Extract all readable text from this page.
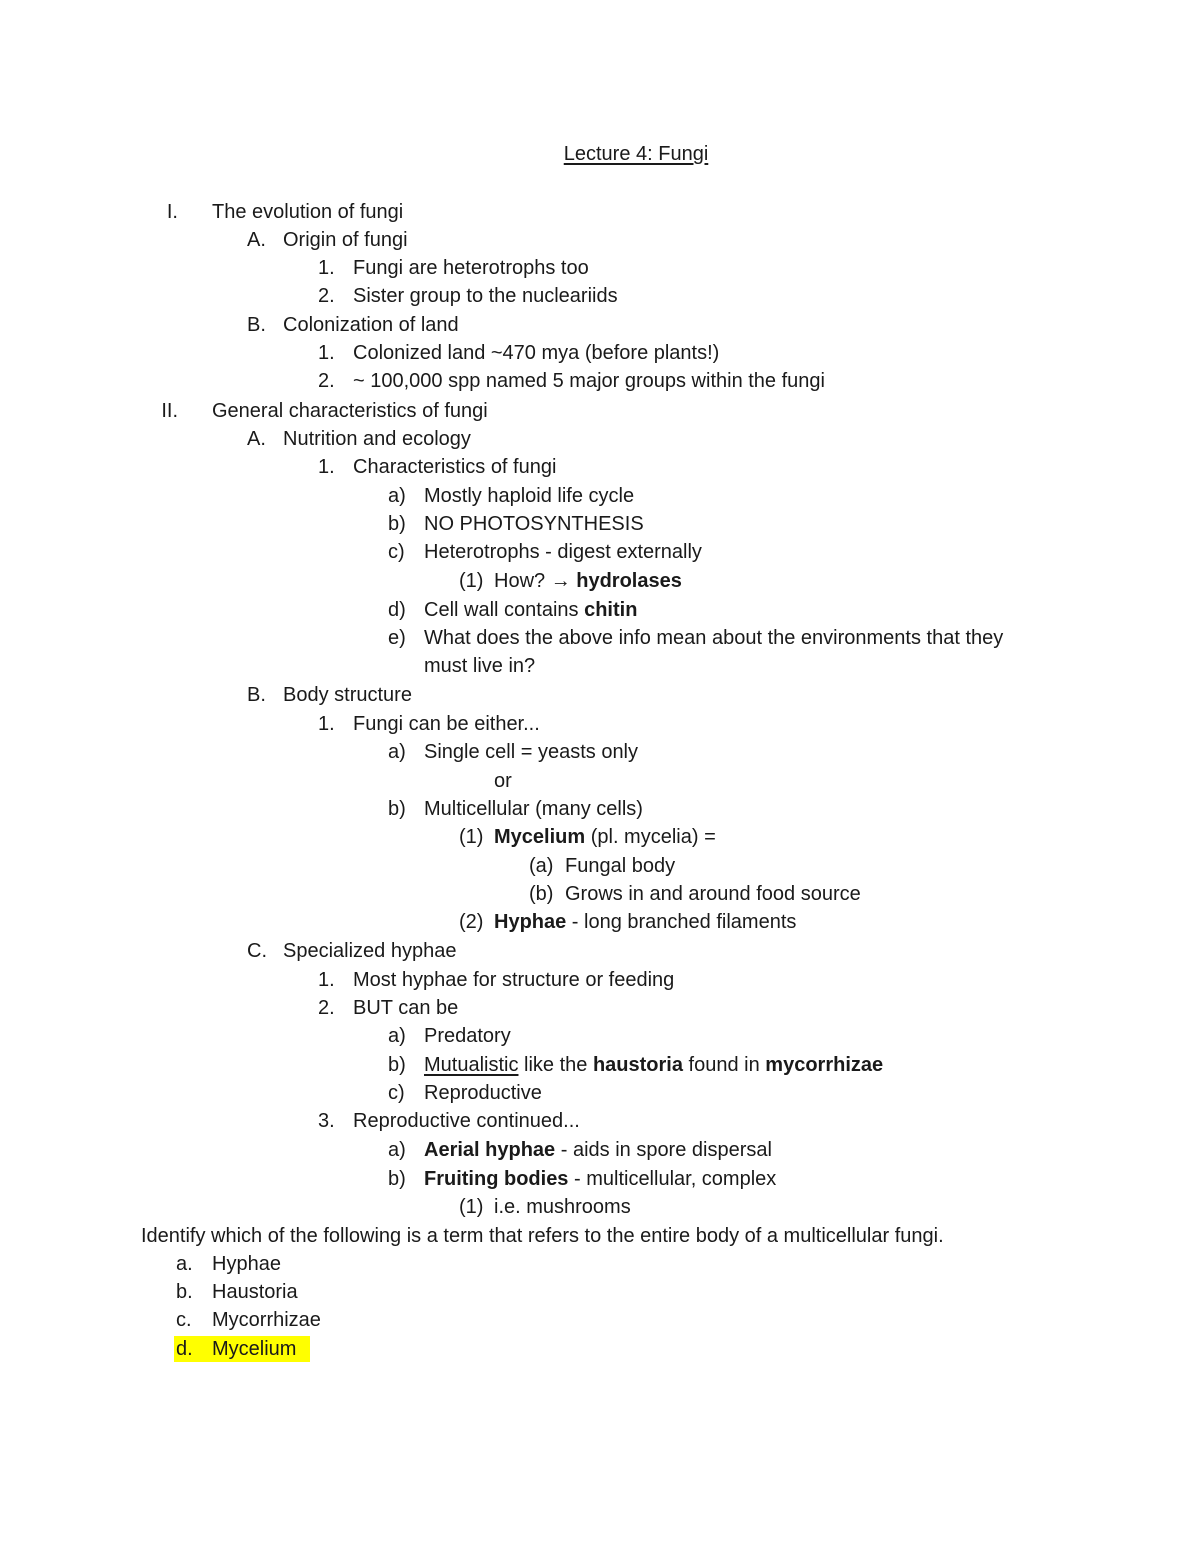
Lecture 4: Fungi
I. The evolution of fungi
A. Origin of fungi
1. Fungi are heterotrophs too
2. Sister group to the nucleariids
B. Colonization of land
1. Colonized land ~470 mya (before plants!)
2. ~ 100,000 spp named 5 major groups within the fungi
II. General characteristics of fungi
A. Nutrition and ecology
1. Characteristics of fungi
a) Mostly haploid life cycle
b) NO PHOTOSYNTHESIS
c) Heterotrophs - digest externally
(1) How? → hydrolases
d) Cell wall contains chitin
e) What does the above info mean about the environments that they
must live in?
B. Body structure
1. Fungi can be either...
a) Single cell = yeasts only
or
b) Multicellular (many cells)
(1) Mycelium (pl. mycelia) =
(a) Fungal body
(b) Grows in and around food source
(2) Hyphae - long branched filaments
C. Specialized hyphae
1. Most hyphae for structure or feeding
2. BUT can be
a) Predatory
b) Mutualistic like the haustoria found in mycorrhizae
c) Reproductive
3. Reproductive continued...
a) Aerial hyphae - aids in spore dispersal
b) Fruiting bodies - multicellular, complex
(1) i.e. mushrooms
Identify which of the following is a term that refers to the entire body of a multicellular fungi.
a. Hyphae
b. Haustoria
c. Mycorrhizae
d. Mycelium
